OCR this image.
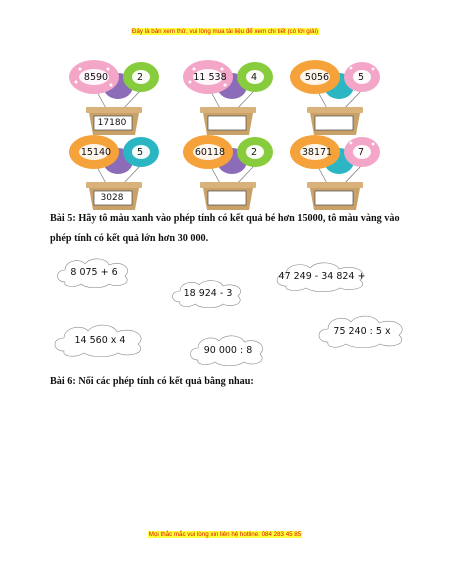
Đây là bản xem thử, vui lòng mua tài liệu để xem chi tiết (có lời giải)
8590	2
17180
11 538	4	5056	5
15140	5
3028
60118	2	38171	7
Bài 5: Hãy tô màu xanh vào phép tính có kết quả bé hơn 15000, tô màu vàng vào phép tính có kết quả lớn hơn 30 000.
8 075 + 6
18 924 - 3
47 249 - 34 824 +
75 240 : 5 x
14 560 x 4
90 000 : 8
Bài 6: Nối các phép tính có kết quả bằng nhau:
Mọi thắc mắc vui lòng xin liên hệ hotline: 084 283 45 85
